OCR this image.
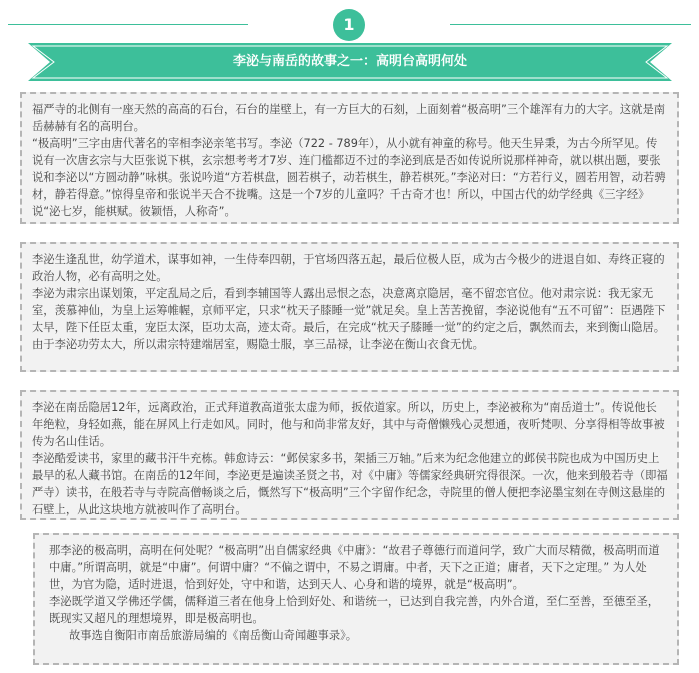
1
李泌与南岳的故事之一：高明台高明何处

福严寺的北侧有一座天然的高高的石台，石台的崖壁上，有一方巨大的石刻，上面刻着“极高明”三个雄浑有力的大字。这就是南岳赫赫有名的高明台。

“极高明”三字由唐代著名的宰相李泌亲笔书写。李泌（722 - 789年），从小就有神童的称号。他天生异秉，为古今所罕见。传说有一次唐玄宗与大臣张说下棋，玄宗想考考才7岁、连门槛都迈不过的李泌到底是否如传说所说那样神奇，就以棋出题，要张说和李泌以“方圆动静”咏棋。张说吟道“方若棋盘，圆若棋子，动若棋生，静若棋死。”李泌对曰：“方若行义，圆若用智，动若骋材，静若得意。”惊得皇帝和张说半天合不拢嘴。这是一个7岁的儿童吗？千古奇才也！所以，中国古代的幼学经典《三字经》说“泌七岁，能棋赋。彼颖悟，人称奇”。

李泌生逢乱世，幼学道术，谋事如神，一生侍奉四朝，于官场四落五起，最后位极人臣，成为古今极少的进退自如、寿终正寝的政治人物，必有高明之处。

李泌为肃宗出谋划策，平定乱局之后，看到李辅国等人露出忌恨之态，决意离京隐居，毫不留恋官位。他对肃宗说：我无家无室，羡慕神仙，为皇上运筹帷幄，京师平定，只求“枕天子膝睡一觉”就足矣。皇上苦苦挽留，李泌说他有“五不可留”：臣遇陛下太早，陛下任臣太重，宠臣太深，臣功太高，迹太奇。最后，在完成“枕天子膝睡一觉”的约定之后，飘然而去，来到衡山隐居。由于李泌功劳太大，所以肃宗特建端居室，赐隐士服，享三品禄，让李泌在衡山衣食无忧。

李泌在南岳隐居12年，远离政治，正式拜道教高道张太虚为师，扳依道家。所以，历史上，李泌被称为“南岳道士”。传说他长年绝粒，身轻如燕，能在屏风上行走如风。同时，他与和尚非常友好，其中与奇僧懒残心灵想通，夜听梵呗、分享得相等故事被传为名山佳话。

李泌酷爱读书，家里的藏书汗牛充栋。韩愈诗云：“邺侯家多书，架插三万轴。”后来为纪念他建立的邺侯书院也成为中国历史上最早的私人藏书馆。在南岳的12年间，李泌更是遍读圣贤之书，对《中庸》等儒家经典研究得很深。一次，他来到般若寺（即福严寺）读书，在般若寺与寺院高僧畅谈之后，慨然写下“极高明”三个字留作纪念，寺院里的僧人便把李泌墨宝刻在寺侧这悬崖的石壁上，从此这块地方就被叫作了高明台。

那李泌的极高明，高明在何处呢？“极高明”出自儒家经典《中庸》：“故君子尊德行而道问学，致广大而尽精微，极高明而道中庸。”所谓高明，就是“中庸”。何谓中庸？“不偏之谓中，不易之谓庸。中者，天下之正道；庸者，天下之定理。” 为人处世，为官为隐，适时进退，恰到好处，守中和谐，达到天人、心身和谐的境界，就是“极高明”。

李泌既学道又学佛还学儒，儒释道三者在他身上恰到好处、和谐统一，已达到自我完善，内外合道，至仁至善，至德至圣，既现实又超凡的理想境界，即是极高明也。

故事选自衡阳市南岳旅游局编的《南岳衡山奇闻趣事录》。
